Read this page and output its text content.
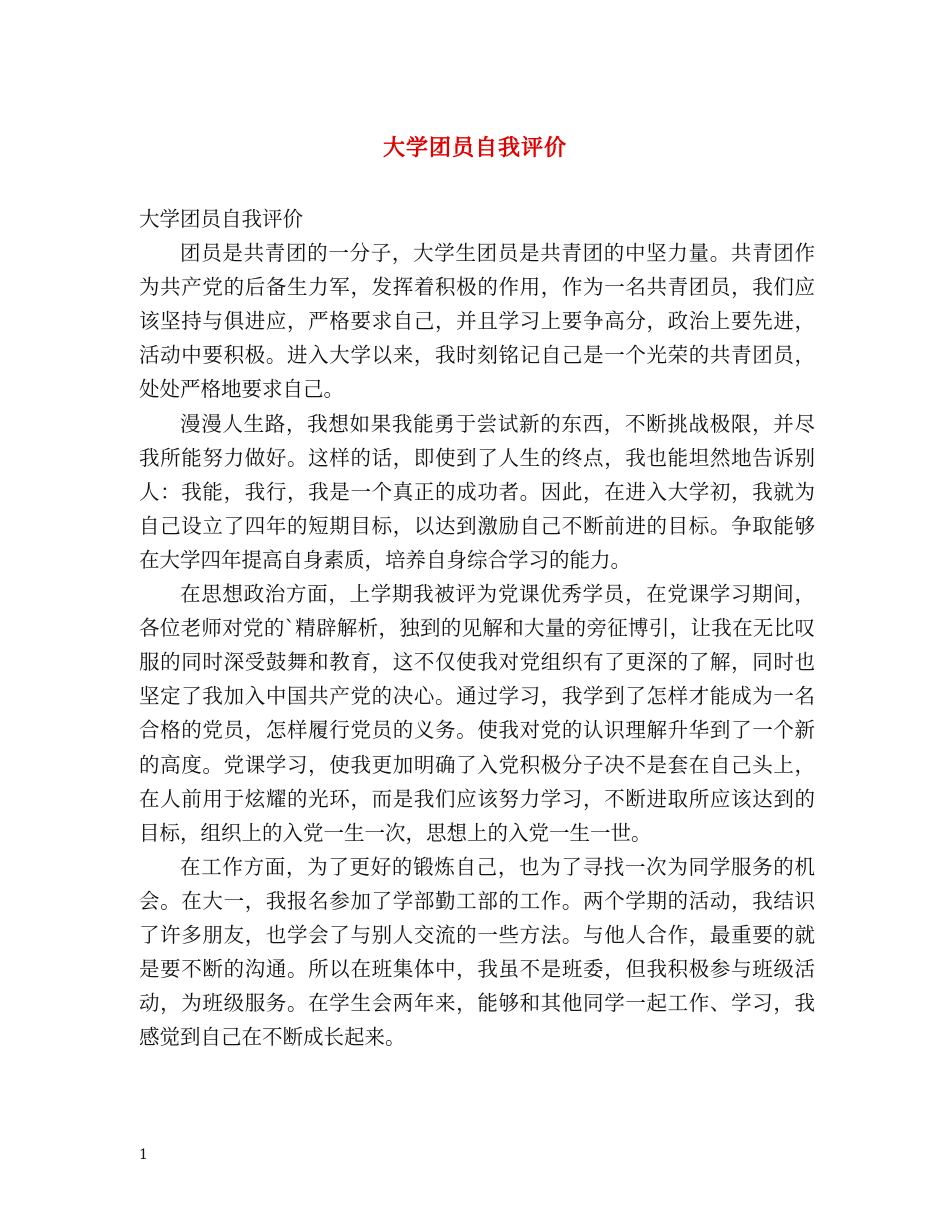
大学团员自我评价

大学团员自我评价

团员是共青团的一分子，大学生团员是共青团的中坚力量。共青团作为共产党的后备生力军，发挥着积极的作用，作为一名共青团员，我们应该坚持与俱进应，严格要求自己，并且学习上要争高分，政治上要先进，活动中要积极。进入大学以来，我时刻铭记自己是一个光荣的共青团员，处处严格地要求自己。

漫漫人生路，我想如果我能勇于尝试新的东西，不断挑战极限，并尽我所能努力做好。这样的话，即使到了人生的终点，我也能坦然地告诉别人：我能，我行，我是一个真正的成功者。因此，在进入大学初，我就为自己设立了四年的短期目标，以达到激励自己不断前进的目标。争取能够在大学四年提高自身素质，培养自身综合学习的能力。

在思想政治方面，上学期我被评为党课优秀学员，在党课学习期间，各位老师对党的`精辟解析，独到的见解和大量的旁征博引，让我在无比叹服的同时深受鼓舞和教育，这不仅使我对党组织有了更深的了解，同时也坚定了我加入中国共产党的决心。通过学习，我学到了怎样才能成为一名合格的党员，怎样履行党员的义务。使我对党的认识理解升华到了一个新的高度。党课学习，使我更加明确了入党积极分子决不是套在自己头上，在人前用于炫耀的光环，而是我们应该努力学习，不断进取所应该达到的目标，组织上的入党一生一次，思想上的入党一生一世。

在工作方面，为了更好的锻炼自己，也为了寻找一次为同学服务的机会。在大一，我报名参加了学部勤工部的工作。两个学期的活动，我结识了许多朋友，也学会了与别人交流的一些方法。与他人合作，最重要的就是要不断的沟通。所以在班集体中，我虽不是班委，但我积极参与班级活动，为班级服务。在学生会两年来，能够和其他同学一起工作、学习，我感觉到自己在不断成长起来。

1
